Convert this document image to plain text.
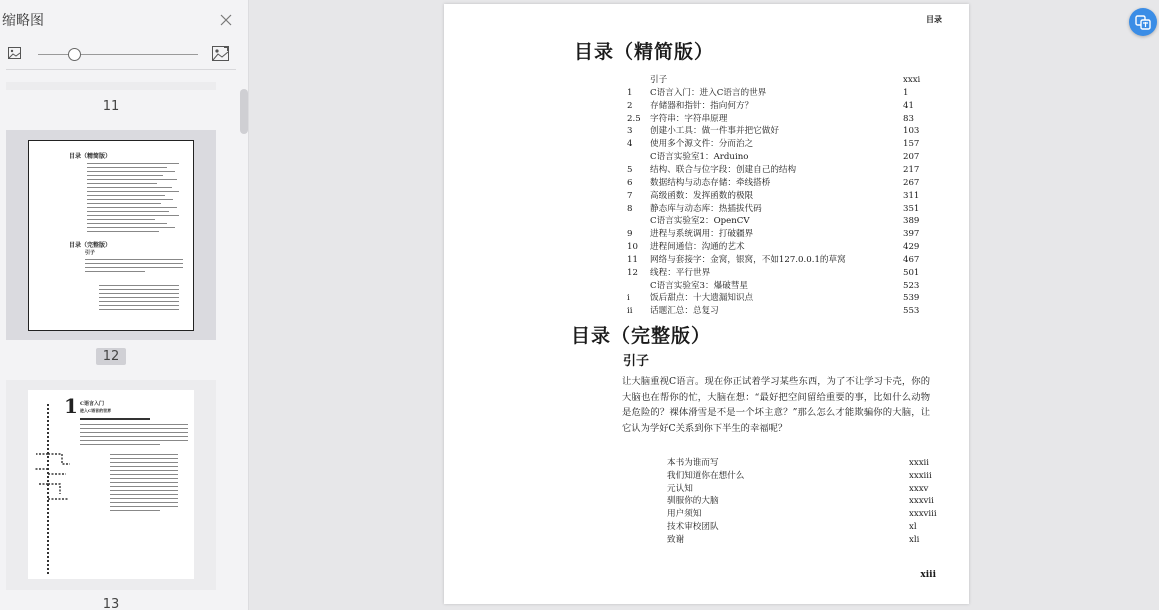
缩略图
11
目录（精简版）
目录（完整版）
引子
12
1 C语言入门
进入C语言的世界
13
目录
目录（精简版）
引子	xxxi
1 C语言入门：进入C语言的世界	1
2 存储器和指针：指向何方？	41
2.5 字符串：字符串原理	83
3 创建小工具：做一件事并把它做好	103
4 使用多个源文件：分而治之	157
C语言实验室1：Arduino	207
5 结构、联合与位字段：创建自己的结构	217
6 数据结构与动态存储：牵线搭桥	267
7 高级函数：发挥函数的极限	311
8 静态库与动态库：热插拔代码	351
C语言实验室2：OpenCV	389
9 进程与系统调用：打破疆界	397
10 进程间通信：沟通的艺术	429
11 网络与套接字：金窝，银窝，不如127.0.0.1的草窝	467
12 线程：平行世界	501
C语言实验室3：爆破彗星	523
i 饭后甜点：十大遗漏知识点	539
ii 话题汇总：总复习	553
目录（完整版）
引子

让大脑重视C语言。现在你正试着学习某些东西，为了不让学习卡壳，你的大脑也在帮你的忙，大脑在想：“最好把空间留给重要的事，比如什么动物是危险的？裸体滑雪是不是一个坏主意？”那么怎么才能欺骗你的大脑，让它认为学好C关系到你下半生的幸福呢？

本书为谁而写	xxxii
我们知道你在想什么	xxxiii
元认知	xxxv
驯服你的大脑	xxxvii
用户须知	xxxviii
技术审校团队	xl
致谢	xli
xiii
